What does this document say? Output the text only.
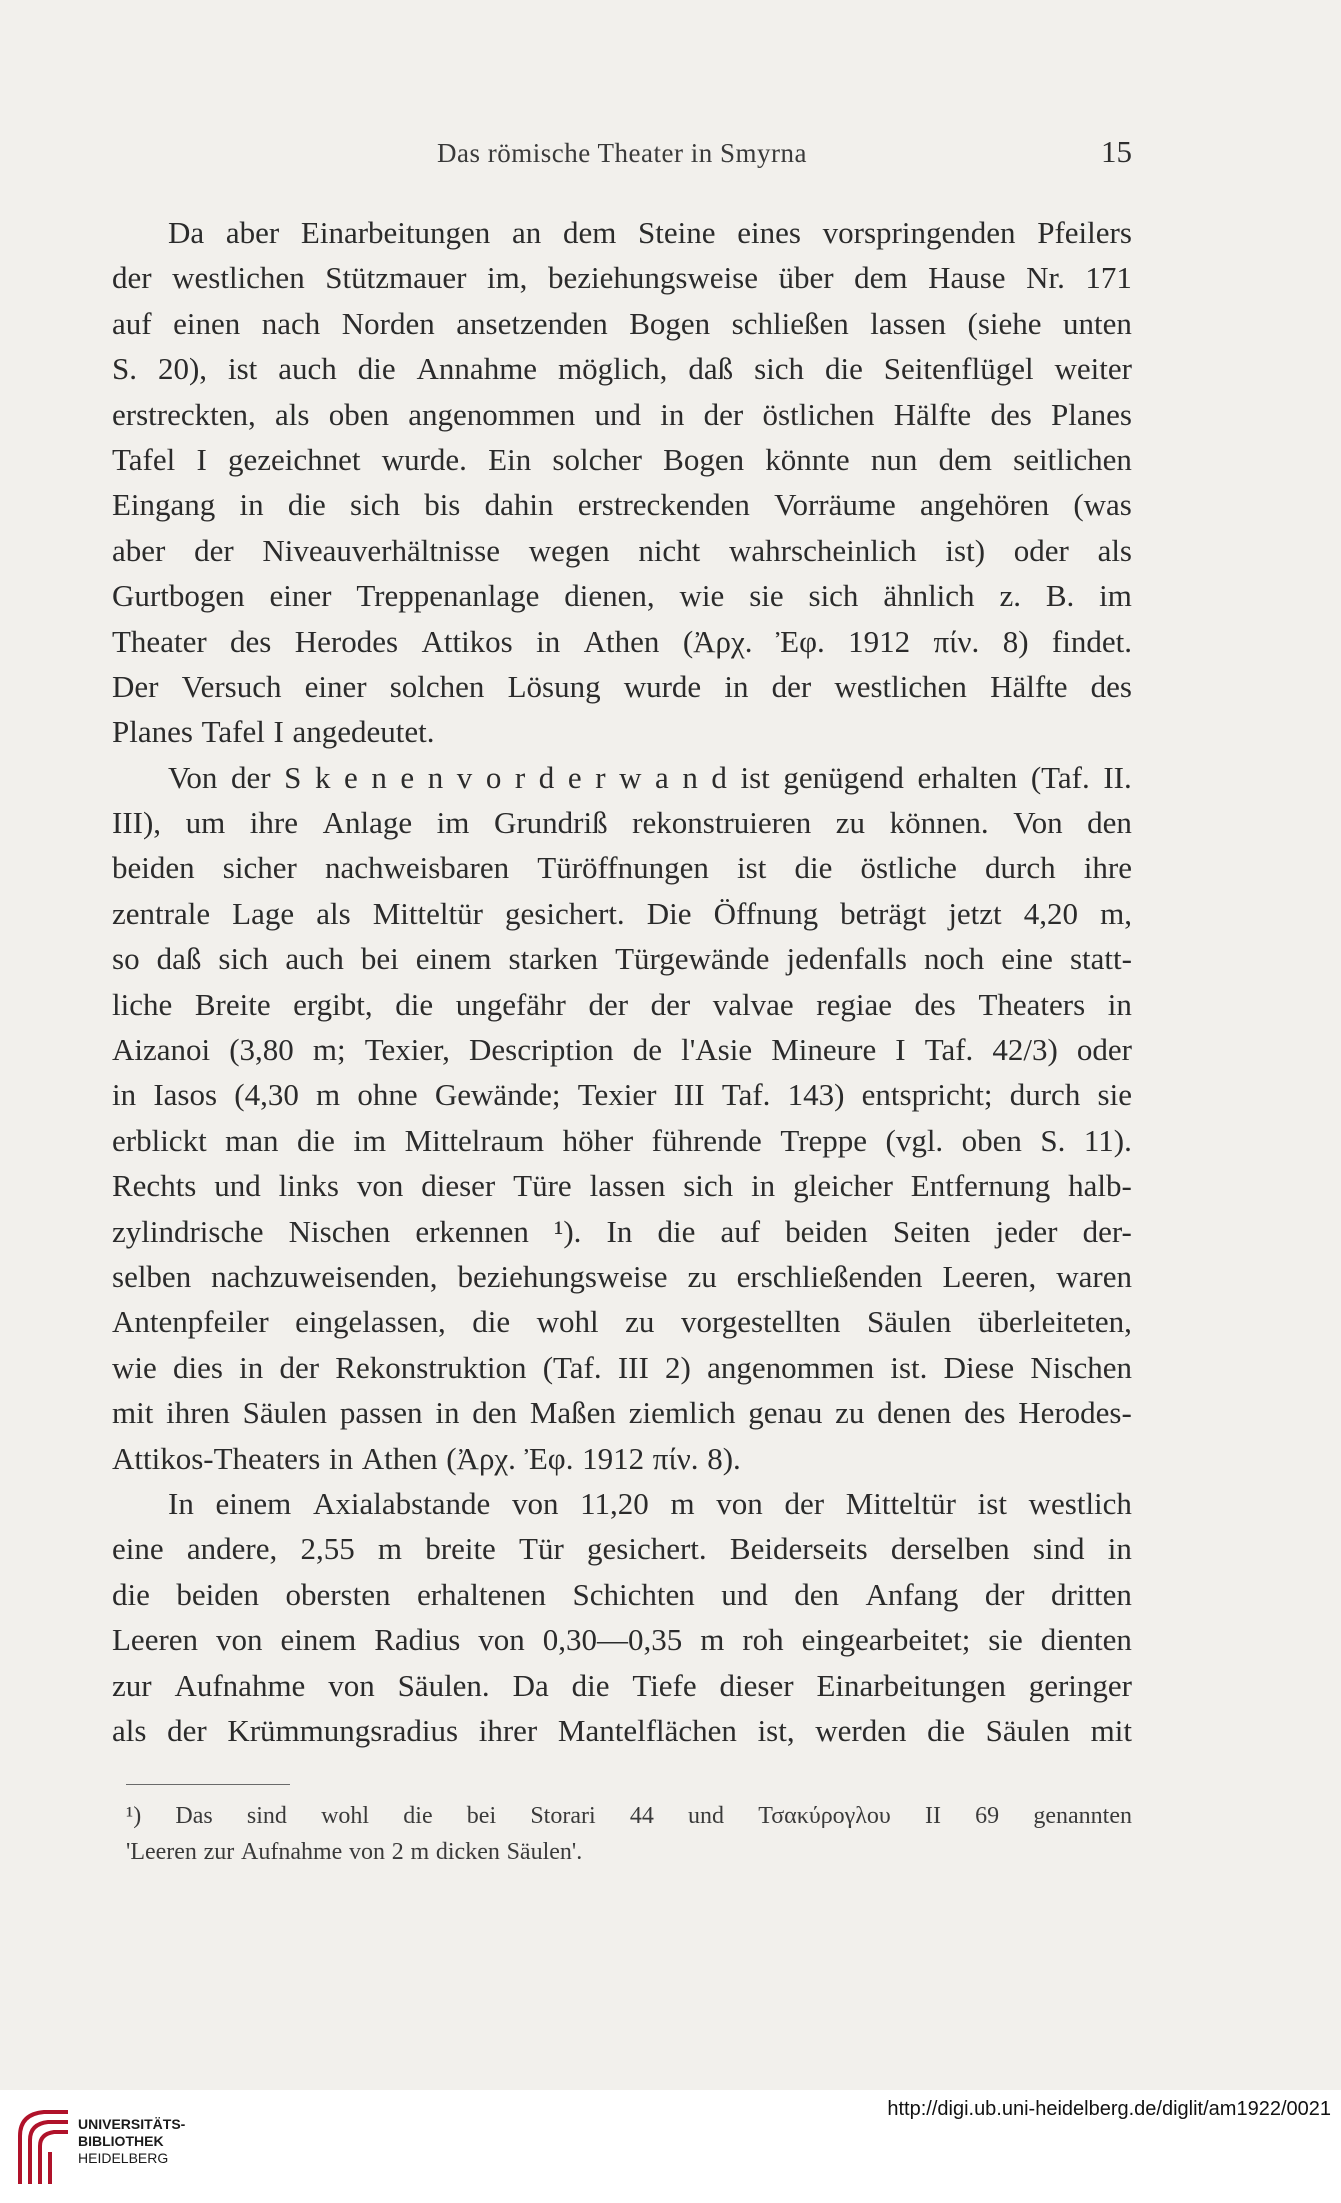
Das römische Theater in Smyrna	15
Da aber Einarbeitungen an dem Steine eines vorspringenden Pfeilers
der westlichen Stützmauer im, beziehungsweise über dem Hause Nr. 171
auf einen nach Norden ansetzenden Bogen schließen lassen (siehe unten
S. 20), ist auch die Annahme möglich, daß sich die Seitenflügel weiter
erstreckten, als oben angenommen und in der östlichen Hälfte des Planes
Tafel I gezeichnet wurde. Ein solcher Bogen könnte nun dem seitlichen
Eingang in die sich bis dahin erstreckenden Vorräume angehören (was
aber der Niveauverhältnisse wegen nicht wahrscheinlich ist) oder als
Gurtbogen einer Treppenanlage dienen, wie sie sich ähnlich z. B. im
Theater des Herodes Attikos in Athen (Ἀρχ. Ἐφ. 1912 πίν. 8) findet.
Der Versuch einer solchen Lösung wurde in der westlichen Hälfte des
Planes Tafel I angedeutet.
Von der S k e n e n v o r d e r w a n d ist genügend erhalten (Taf. II.
III), um ihre Anlage im Grundriß rekonstruieren zu können. Von den
beiden sicher nachweisbaren Türöffnungen ist die östliche durch ihre
zentrale Lage als Mitteltür gesichert. Die Öffnung beträgt jetzt 4,20 m,
so daß sich auch bei einem starken Türgewände jedenfalls noch eine statt-
liche Breite ergibt, die ungefähr der der valvae regiae des Theaters in
Aizanoi (3,80 m; Texier, Description de l'Asie Mineure I Taf. 42/3) oder
in Iasos (4,30 m ohne Gewände; Texier III Taf. 143) entspricht; durch sie
erblickt man die im Mittelraum höher führende Treppe (vgl. oben S. 11).
Rechts und links von dieser Türe lassen sich in gleicher Entfernung halb-
zylindrische Nischen erkennen ¹). In die auf beiden Seiten jeder der-
selben nachzuweisenden, beziehungsweise zu erschließenden Leeren, waren
Antenpfeiler eingelassen, die wohl zu vorgestellten Säulen überleiteten,
wie dies in der Rekonstruktion (Taf. III 2) angenommen ist. Diese Nischen
mit ihren Säulen passen in den Maßen ziemlich genau zu denen des Herodes-
Attikos-Theaters in Athen (Ἀρχ. Ἐφ. 1912 πίν. 8).
In einem Axialabstande von 11,20 m von der Mitteltür ist westlich
eine andere, 2,55 m breite Tür gesichert. Beiderseits derselben sind in
die beiden obersten erhaltenen Schichten und den Anfang der dritten
Leeren von einem Radius von 0,30—0,35 m roh eingearbeitet; sie dienten
zur Aufnahme von Säulen. Da die Tiefe dieser Einarbeitungen geringer
als der Krümmungsradius ihrer Mantelflächen ist, werden die Säulen mit
¹) Das sind wohl die bei Storari 44 und Τσακύρογλου II 69 genannten
'Leeren zur Aufnahme von 2 m dicken Säulen'.
UNIVERSITÄTS-
BIBLIOTHEK
HEIDELBERG
http://digi.ub.uni-heidelberg.de/diglit/am1922/0021
